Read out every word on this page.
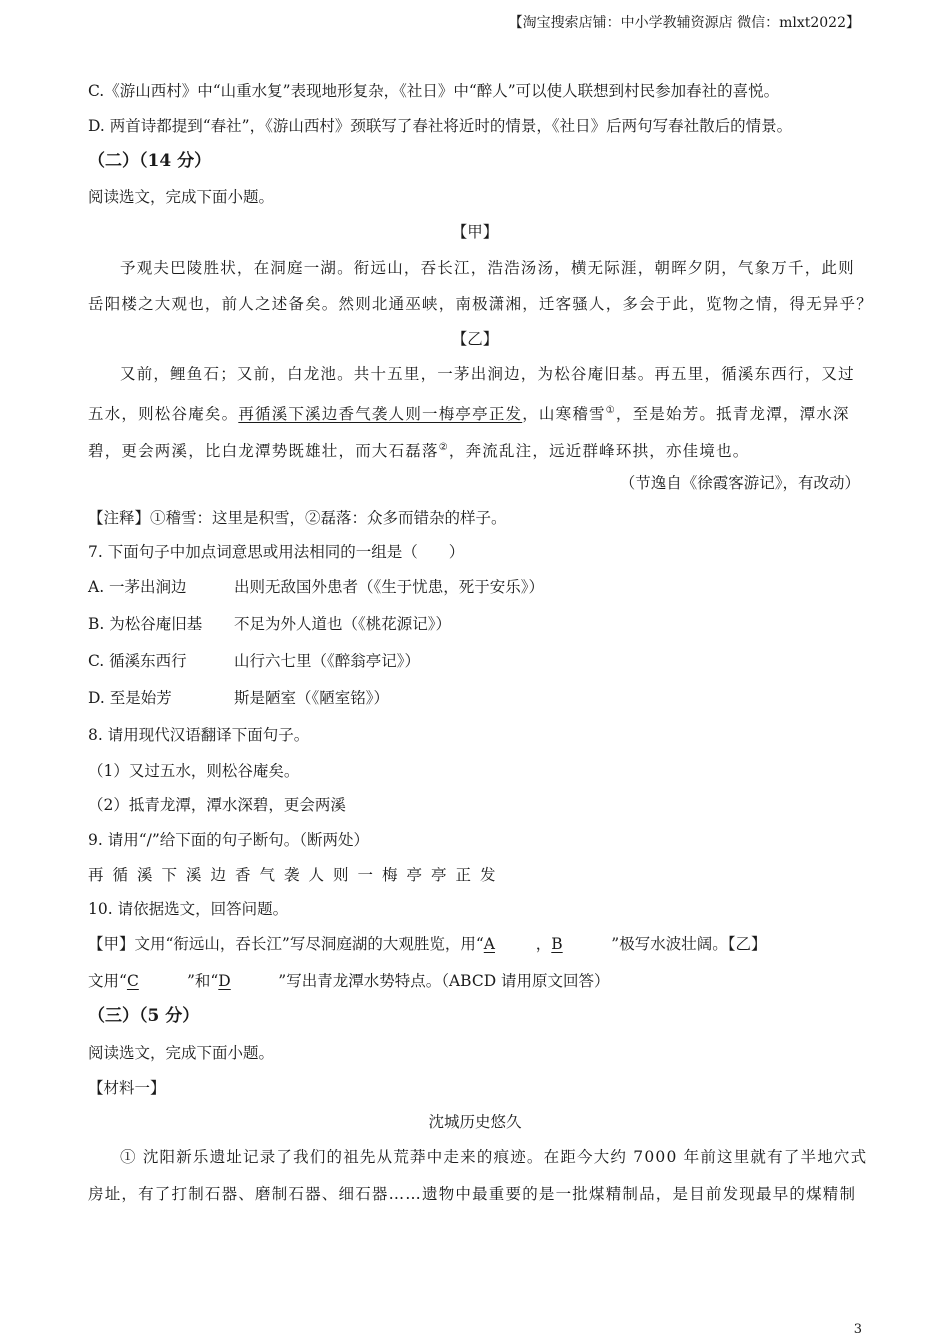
【淘宝搜索店铺：中小学教辅资源店 微信：mlxt2022】
C.《游山西村》中“山重水复”表现地形复杂，《社日》中“醉人”可以使人联想到村民参加春社的喜悦。
D. 两首诗都提到“春社”，《游山西村》颈联写了春社将近时的情景，《社日》后两句写春社散后的情景。
（二）（14 分）
阅读选文，完成下面小题。
【甲】
予观夫巴陵胜状，在洞庭一湖。衔远山，吞长江，浩浩汤汤，横无际涯，朝晖夕阴，气象万千，此则
岳阳楼之大观也，前人之述备矣。然则北通巫峡，南极潇湘，迁客骚人，多会于此，览物之情，得无异乎？
【乙】
又前，鲤鱼石；又前，白龙池。共十五里，一茅出涧边，为松谷庵旧基。再五里，循溪东西行，又过
五水，则松谷庵矣。再循溪下溪边香气袭人则一梅亭亭正发，山寒稽雪①，至是始芳。抵青龙潭，潭水深
碧，更会两溪，比白龙潭势既雄壮，而大石磊落②，奔流乱注，远近群峰环拱，亦佳境也。
（节逸自《徐霞客游记》，有改动）
【注释】①稽雪：这里是积雪，②磊落：众多而错杂的样子。
7. 下面句子中加点词意思或用法相同的一组是（　　）
A. 一茅出涧边	出则无敌国外患者（《生于忧患，死于安乐》）
B. 为松谷庵旧基 不足为外人道也（《桃花源记》）
C. 循溪东西行	山行六七里（《醉翁亭记》）
D. 至是始芳	斯是陋室（《陋室铭》）
8. 请用现代汉语翻译下面句子。
（1）又过五水，则松谷庵矣。
（2）抵青龙潭，潭水深碧，更会两溪
9. 请用“/”给下面的句子断句。（断两处）
再循溪下溪边香气袭人则一梅亭亭正发
10. 请依据选文，回答问题。
【甲】文用“衔远山，吞长江”写尽洞庭湖的大观胜览，用“A	，B	”极写水波壮阔。【乙】
文用“C	”和“D	”写出青龙潭水势特点。（ABCD 请用原文回答）
（三）（5 分）
阅读选文，完成下面小题。
【材料一】
沈城历史悠久
① 沈阳新乐遗址记录了我们的祖先从荒莽中走来的痕迹。在距今大约 7000 年前这里就有了半地穴式
房址，有了打制石器、磨制石器、细石器……遗物中最重要的是一批煤精制品，是目前发现最早的煤精制
3
